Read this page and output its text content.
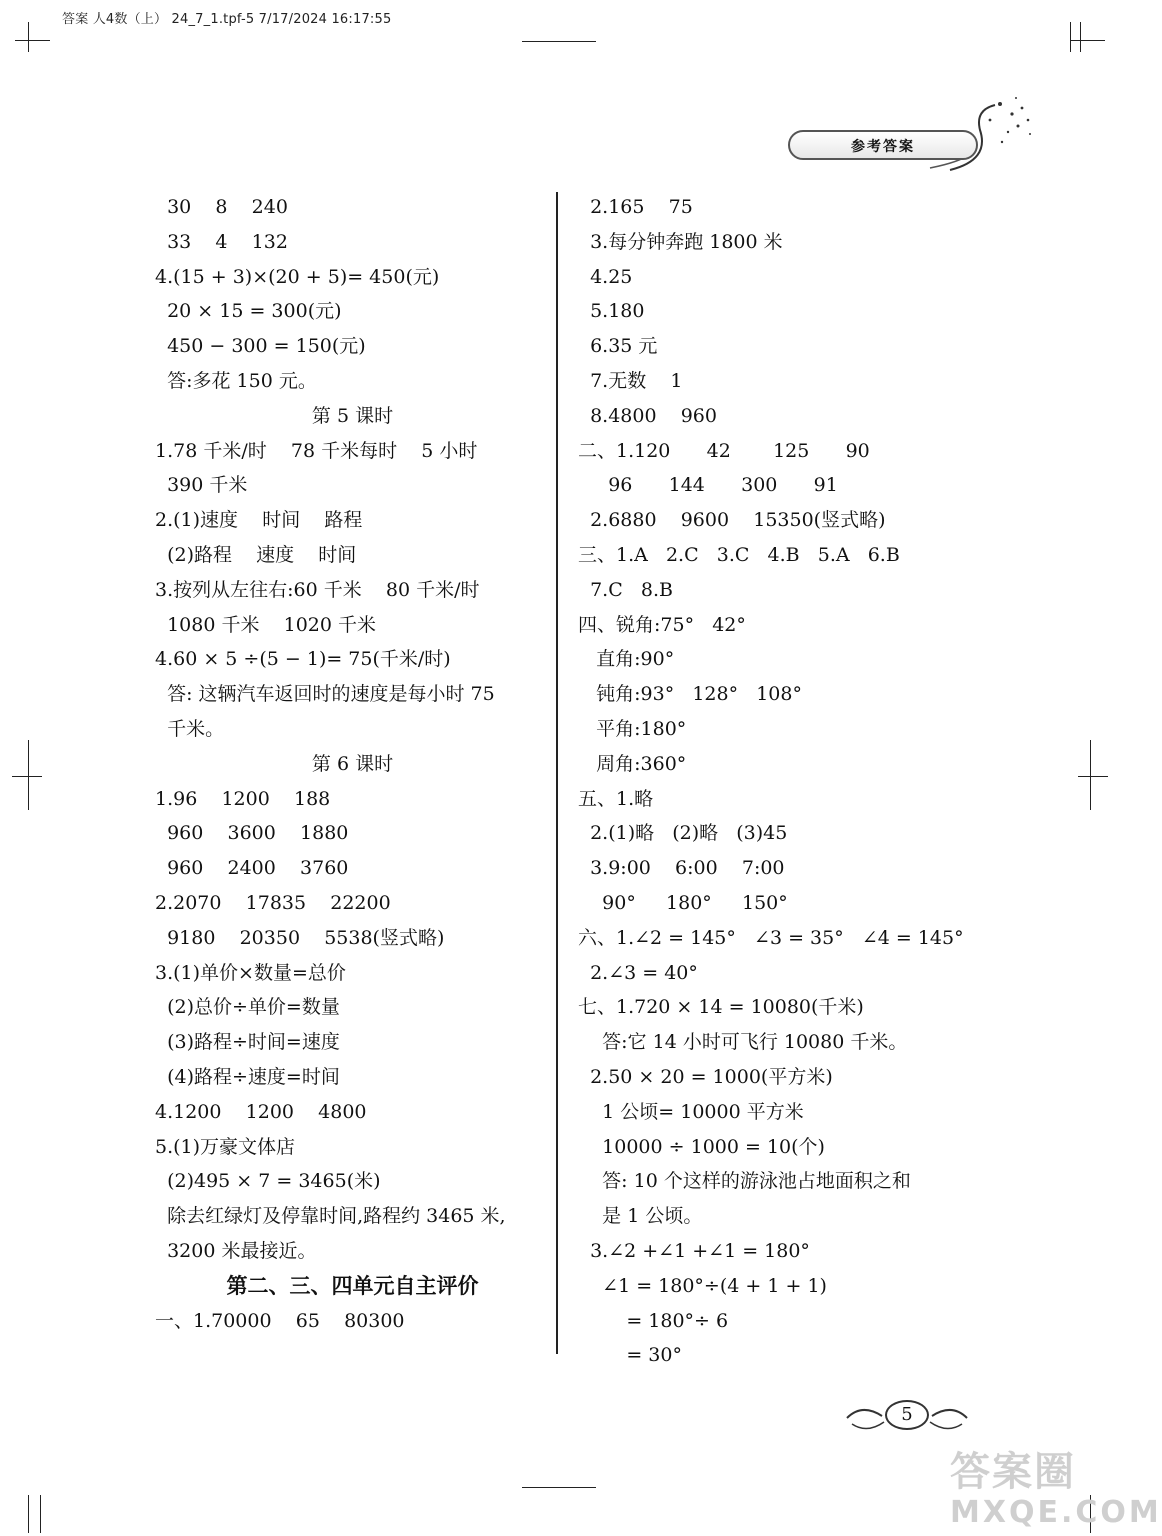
答案 人4数（上） 24_7_1.tpf-5 7/17/2024 16:17:55
参考答案
30    8    240
33    4    132
4.(15 + 3)×(20 + 5)= 450(元)
20 × 15 = 300(元)
450 − 300 = 150(元)
答:多花 150 元。
第 5 课时
1.78 千米/时    78 千米每时    5 小时
390 千米
2.(1)速度    时间    路程
(2)路程    速度    时间
3.按列从左往右:60 千米    80 千米/时
1080 千米    1020 千米
4.60 × 5 ÷(5 − 1)= 75(千米/时)
答: 这辆汽车返回时的速度是每小时 75
千米。
第 6 课时
1.96    1200    188
960    3600    1880
960    2400    3760
2.2070    17835    22200
9180    20350    5538(竖式略)
3.(1)单价×数量=总价
(2)总价÷单价=数量
(3)路程÷时间=速度
(4)路程÷速度=时间
4.1200    1200    4800
5.(1)万豪文体店
(2)495 × 7 = 3465(米)
除去红绿灯及停靠时间,路程约 3465 米,
3200 米最接近。
第二、三、四单元自主评价
一、1.70000    65    80300
2.165    75
3.每分钟奔跑 1800 米
4.25
5.180
6.35 元
7.无数    1
8.4800    960
二、1.120      42       125      90
96      144      300      91
2.6880    9600    15350(竖式略)
三、1.A   2.C   3.C   4.B   5.A   6.B
7.C   8.B
四、锐角:75°   42°
直角:90°
钝角:93°   128°   108°
平角:180°
周角:360°
五、1.略
2.(1)略   (2)略   (3)45
3.9:00    6:00    7:00
90°     180°     150°
六、1.∠2 = 145°   ∠3 = 35°   ∠4 = 145°
2.∠3 = 40°
七、1.720 × 14 = 10080(千米)
答:它 14 小时可飞行 10080 千米。
2.50 × 20 = 1000(平方米)
1 公顷= 10000 平方米
10000 ÷ 1000 = 10(个)
答: 10 个这样的游泳池占地面积之和
是 1 公顷。
3.∠2 +∠1 +∠1 = 180°
∠1 = 180°÷(4 + 1 + 1)
= 180°÷ 6
= 30°
5
答案圈
MXQE.COM
